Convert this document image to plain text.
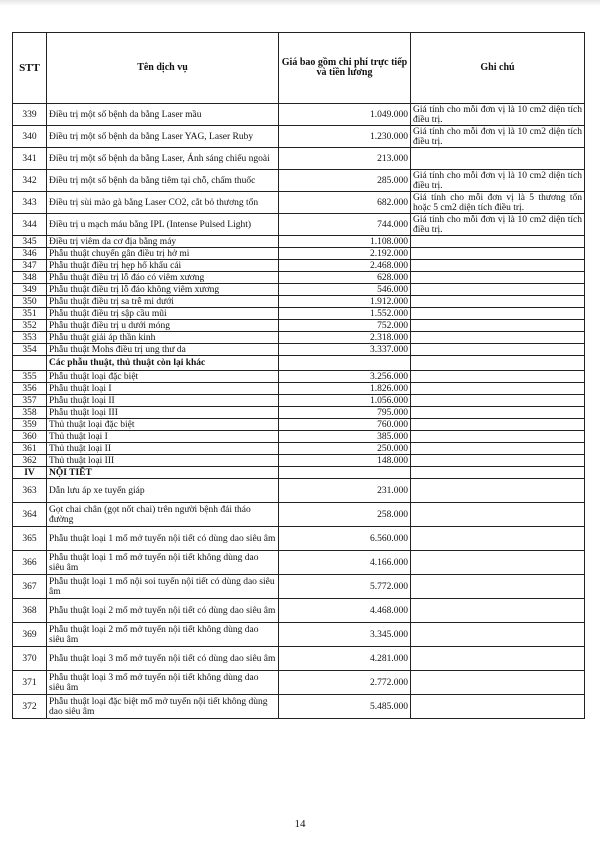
STT	Tên dịch vụ	Giá bao gồm chi phí trực tiếp và tiền lương	Ghi chú
339	Điều trị một số bệnh da bằng Laser mầu	1.049.000	Giá tính cho mỗi đơn vị là 10 cm2 diện tích điều trị.
340	Điều trị một số bệnh da bằng Laser YAG, Laser Ruby	1.230.000	Giá tính cho mỗi đơn vị là 10 cm2 diện tích điều trị.
341	Điều trị một số bệnh da bằng Laser, Ánh sáng chiếu ngoài	213.000	
342	Điều trị một số bệnh da bằng tiêm tại chỗ, chấm thuốc	285.000	Giá tính cho mỗi đơn vị là 10 cm2 diện tích điều trị.
343	Điều trị sùi mào gà bằng Laser CO2, cắt bỏ thương tổn	682.000	Giá tính cho mỗi đơn vị là 5 thương tổn hoặc 5 cm2 diện tích điều trị.
344	Điều trị u mạch máu bằng IPL (Intense Pulsed Light)	744.000	Giá tính cho mỗi đơn vị là 10 cm2 diện tích điều trị.
345	Điều trị viêm da cơ địa bằng máy	1.108.000	
346	Phẫu thuật chuyển gân điều trị hở mi	2.192.000	
347	Phẫu thuật điều trị hẹp hố khẩu cái	2.468.000	
348	Phẫu thuật điều trị lỗ đáo có viêm xương	628.000	
349	Phẫu thuật điều trị lỗ đáo không viêm xương	546.000	
350	Phẫu thuật điều trị sa trễ mi dưới	1.912.000	
351	Phẫu thuật điều trị sập cầu mũi	1.552.000	
352	Phẫu thuật điều trị u dưới móng	752.000	
353	Phẫu thuật giải áp thần kinh	2.318.000	
354	Phẫu thuật Mohs điều trị ung thư da	3.337.000	
	Các phẫu thuật, thủ thuật còn lại khác		
355	Phẫu thuật loại đặc biệt	3.256.000	
356	Phẫu thuật loại I	1.826.000	
357	Phẫu thuật loại II	1.056.000	
358	Phẫu thuật loại III	795.000	
359	Thủ thuật loại đặc biệt	760.000	
360	Thủ thuật loại I	385.000	
361	Thủ thuật loại II	250.000	
362	Thủ thuật loại III	148.000	
IV	NỘI TIẾT		
363	Dẫn lưu áp xe tuyến giáp	231.000	
364	Gọt chai chân (gọt nốt chai) trên người bệnh đái tháo đường	258.000	
365	Phẫu thuật loại 1 mổ mở tuyến nội tiết có dùng dao siêu âm	6.560.000	
366	Phẫu thuật loại 1 mổ mở tuyến nội tiết không dùng dao siêu âm	4.166.000	
367	Phẫu thuật loại 1 mổ nội soi tuyến nội tiết có dùng dao siêu âm	5.772.000	
368	Phẫu thuật loại 2 mổ mở tuyến nội tiết có dùng dao siêu âm	4.468.000	
369	Phẫu thuật loại 2 mổ mở tuyến nội tiết không dùng dao siêu âm	3.345.000	
370	Phẫu thuật loại 3 mổ mở tuyến nội tiết có dùng dao siêu âm	4.281.000	
371	Phẫu thuật loại 3 mổ mở tuyến nội tiết không dùng dao siêu âm	2.772.000	
372	Phẫu thuật loại đặc biệt mổ mở tuyến nội tiết không dùng dao siêu âm	5.485.000	
14
